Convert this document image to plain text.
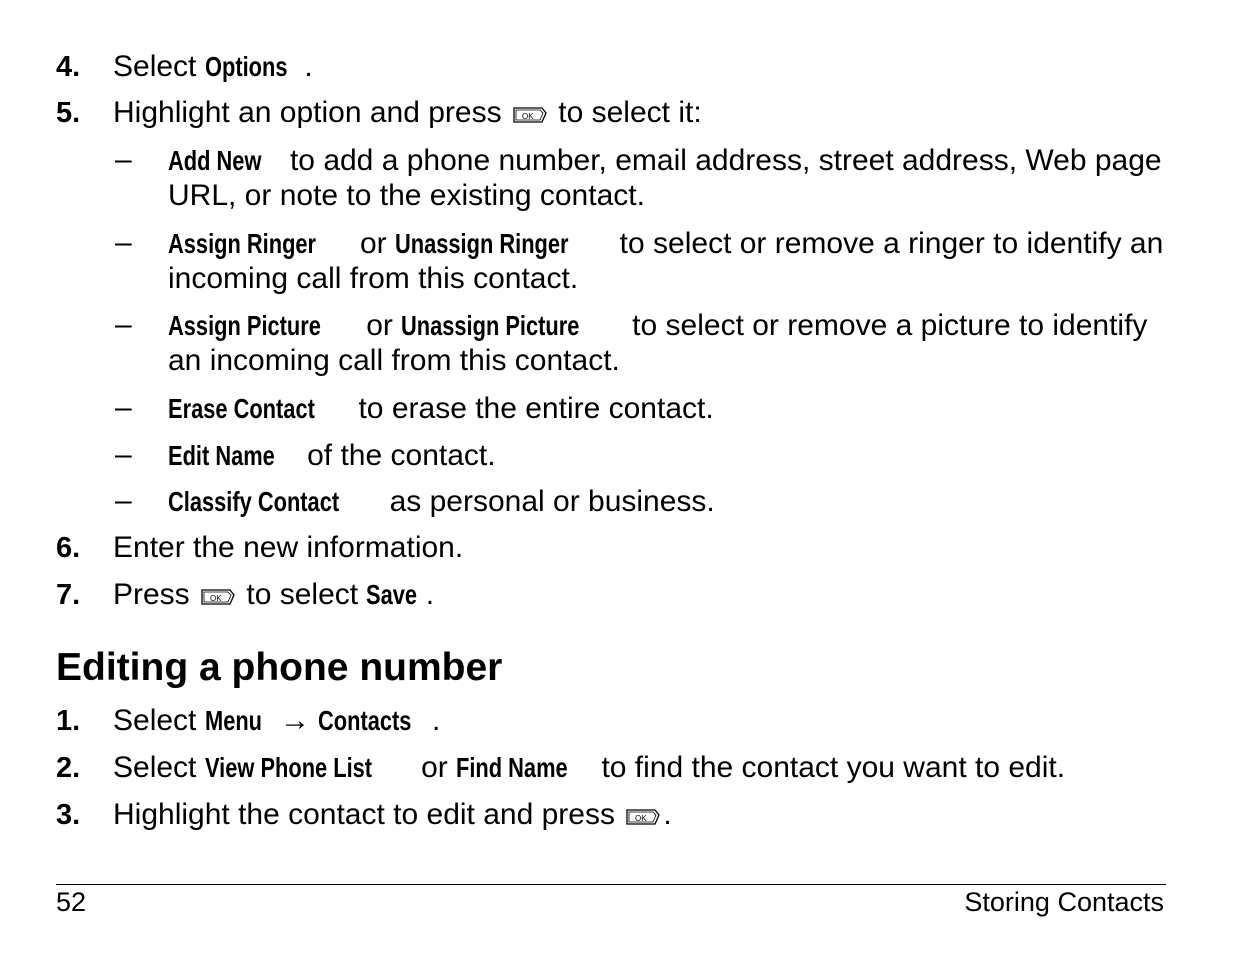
4. Select Options .
5. Highlight an option and press OK to select it:
– Add New to add a phone number, email address, street address, Web page URL, or note to the existing contact.
– Assign Ringer or Unassign Ringer to select or remove a ringer to identify an incoming call from this contact.
– Assign Picture or Unassign Picture to select or remove a picture to identify an incoming call from this contact.
– Erase Contact to erase the entire contact.
– Edit Name of the contact.
– Classify Contact as personal or business.
6. Enter the new information.
7. Press OK to select Save .
Editing a phone number
1. Select Menu → Contacts .
2. Select View Phone List or Find Name to find the contact you want to edit.
3. Highlight the contact to edit and press OK .
52	Storing Contacts
